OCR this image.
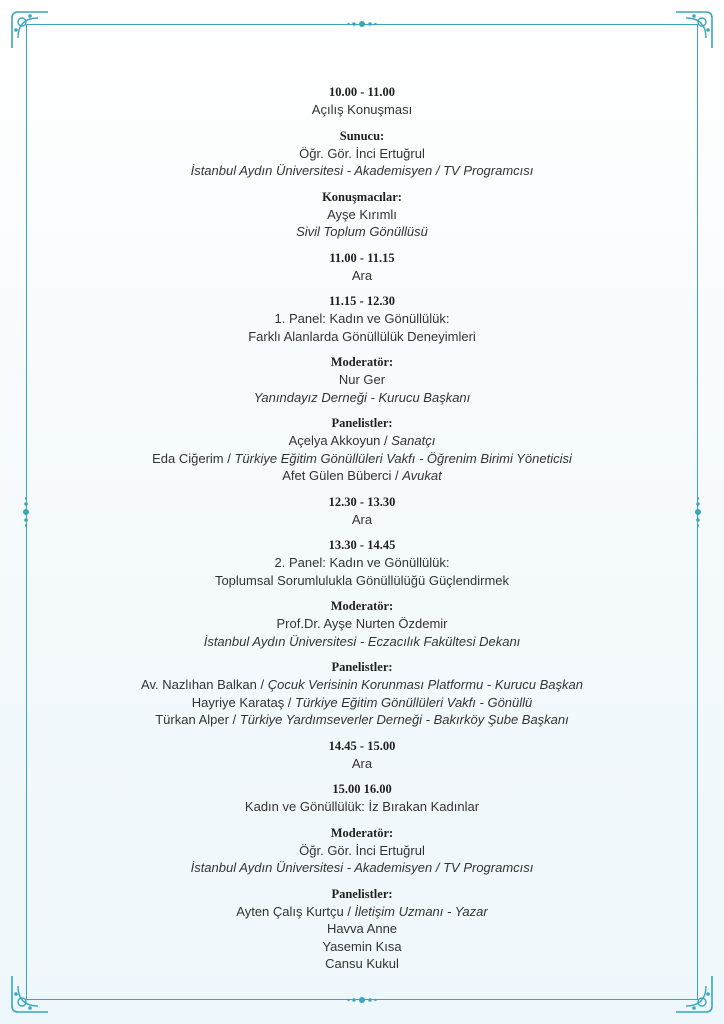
10.00 - 11.00
Açılış Konuşması
Sunucu:
Öğr. Gör. İnci Ertuğrul
İstanbul Aydın Üniversitesi - Akademisyen / TV Programcısı
Konuşmacılar:
Ayşe Kırımlı
Sivil Toplum Gönüllüsü
11.00 - 11.15
Ara
11.15 - 12.30
1. Panel: Kadın ve Gönüllülük:
Farklı Alanlarda Gönüllülük Deneyimleri
Moderatör:
Nur Ger
Yanındayız Derneği - Kurucu Başkanı
Panelistler:
Açelya Akkoyun / Sanatçı
Eda Ciğerim / Türkiye Eğitim Gönüllüleri Vakfı - Öğrenim Birimi Yöneticisi
Afet Gülen Büberci / Avukat
12.30 - 13.30
Ara
13.30 - 14.45
2. Panel: Kadın ve Gönüllülük:
Toplumsal Sorumlulukla Gönüllülüğü Güçlendirmek
Moderatör:
Prof.Dr. Ayşe Nurten Özdemir
İstanbul Aydın Üniversitesi - Eczacılık Fakültesi Dekanı
Panelistler:
Av. Nazlıhan Balkan / Çocuk Verisinin Korunması Platformu - Kurucu Başkan
Hayriye Karataş / Türkiye Eğitim Gönüllüleri Vakfı - Gönüllü
Türkan Alper / Türkiye Yardımseverler Derneği - Bakırköy Şube Başkanı
14.45 - 15.00
Ara
15.00 16.00
Kadın ve Gönüllülük: İz Bırakan Kadınlar
Moderatör:
Öğr. Gör. İnci Ertuğrul
İstanbul Aydın Üniversitesi - Akademisyen / TV Programcısı
Panelistler:
Ayten Çalış Kurtçu / İletişim Uzmanı - Yazar
Havva Anne
Yasemin Kısa
Cansu Kukul
